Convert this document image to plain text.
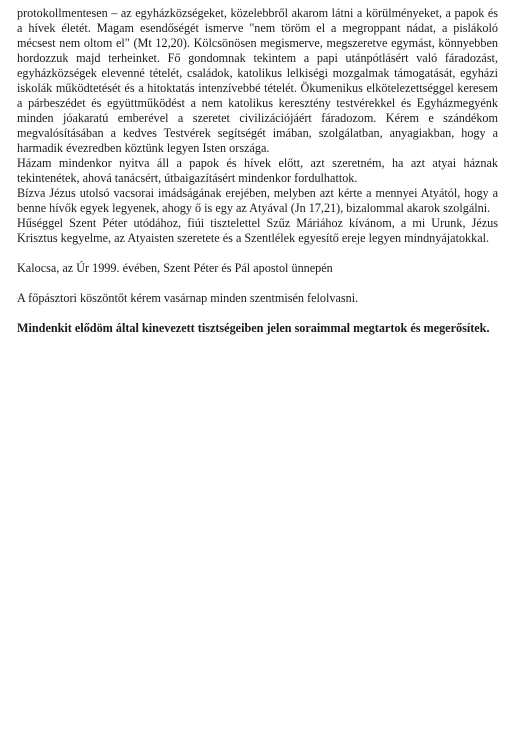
protokollmentesen – az egyházközségeket, közelebbről akarom látni a körülményeket, a papok és a hívek életét. Magam esendőségét ismerve "nem töröm el a megroppant nádat, a pislákoló mécsest nem oltom el" (Mt 12,20). Kölcsönösen megismerve, megszeretve egymást, könnyebben hordozzuk majd terheinket. Fő gondomnak tekintem a papi utánpótlásért való fáradozást, egyházközségek elevenné tételét, családok, katolikus lelkiségi mozgalmak támogatását, egyházi iskolák működtetését és a hitoktatás intenzívebbé tételét. Ökumenikus elkötelezettséggel keresem a párbeszédet és együttműködést a nem katolikus keresztény testvérekkel és Egyházmegyénk minden jóakaratú emberével a szeretet civilizációjáért fáradozom. Kérem e szándékom megvalósításában a kedves Testvérek segítségét imában, szolgálatban, anyagiakban, hogy a harmadik évezredben köztünk legyen Isten országa.

Házam mindenkor nyitva áll a papok és hívek előtt, azt szeretném, ha azt atyai háznak tekintenétek, ahová tanácsért, útbaigazításért mindenkor fordulhattok.

Bízva Jézus utolsó vacsorai imádságának erejében, melyben azt kérte a mennyei Atyától, hogy a benne hívők egyek legyenek, ahogy ő is egy az Atyával (Jn 17,21), bizalommal akarok szolgálni.

Hűséggel Szent Péter utódához, fiúi tisztelettel Szűz Máriához kívánom, a mi Urunk, Jézus Krisztus kegyelme, az Atyaisten szeretete és a Szentlélek egyesítő ereje legyen mindnyájatokkal.

Kalocsa, az Úr 1999. évében, Szent Péter és Pál apostol ünnepén

A főpásztori köszöntőt kérem vasárnap minden szentmisén felolvasni.

Mindenkit elődöm által kinevezett tisztségeiben jelen soraimmal megtartok és megerősítek.
